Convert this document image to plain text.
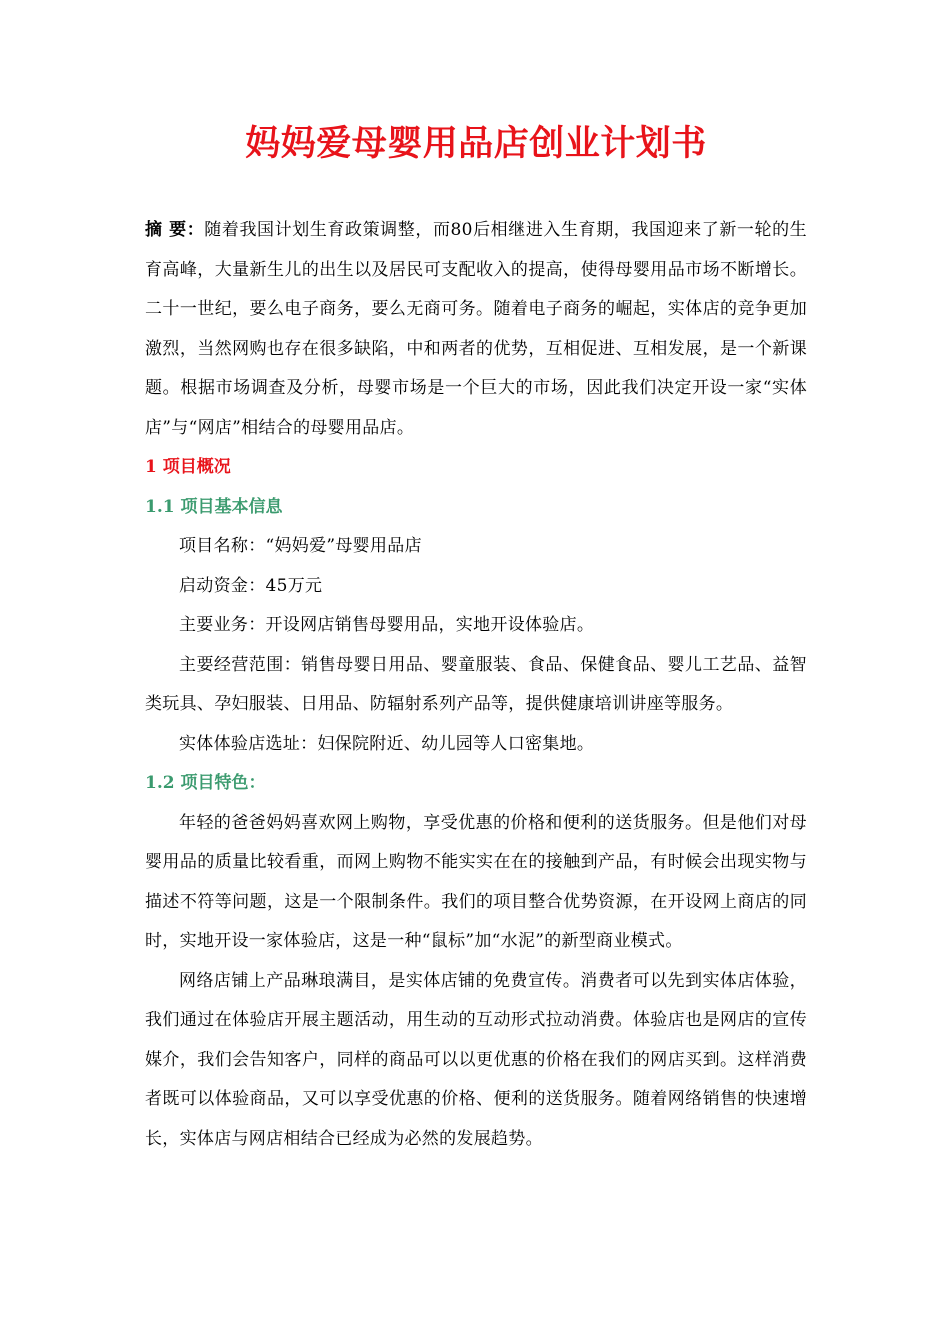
妈妈爱母婴用品店创业计划书

摘 要：随着我国计划生育政策调整，而80后相继进入生育期，我国迎来了新一轮的生育高峰，大量新生儿的出生以及居民可支配收入的提高，使得母婴用品市场不断增长。二十一世纪，要么电子商务，要么无商可务。随着电子商务的崛起，实体店的竞争更加激烈，当然网购也存在很多缺陷，中和两者的优势，互相促进、互相发展，是一个新课题。根据市场调查及分析，母婴市场是一个巨大的市场，因此我们决定开设一家“实体店”与“网店”相结合的母婴用品店。

1 项目概况
1.1 项目基本信息

项目名称：“妈妈爱”母婴用品店

启动资金：45万元

主要业务：开设网店销售母婴用品，实地开设体验店。

主要经营范围：销售母婴日用品、婴童服装、食品、保健食品、婴儿工艺品、益智类玩具、孕妇服装、日用品、防辐射系列产品等，提供健康培训讲座等服务。

实体体验店选址：妇保院附近、幼儿园等人口密集地。

1.2 项目特色：

年轻的爸爸妈妈喜欢网上购物，享受优惠的价格和便利的送货服务。但是他们对母婴用品的质量比较看重，而网上购物不能实实在在的接触到产品，有时候会出现实物与描述不符等问题，这是一个限制条件。我们的项目整合优势资源，在开设网上商店的同时，实地开设一家体验店，这是一种“鼠标”加“水泥”的新型商业模式。

网络店铺上产品琳琅满目，是实体店铺的免费宣传。消费者可以先到实体店体验，我们通过在体验店开展主题活动，用生动的互动形式拉动消费。体验店也是网店的宣传媒介，我们会告知客户，同样的商品可以以更优惠的价格在我们的网店买到。这样消费者既可以体验商品，又可以享受优惠的价格、便利的送货服务。随着网络销售的快速增长，实体店与网店相结合已经成为必然的发展趋势。
